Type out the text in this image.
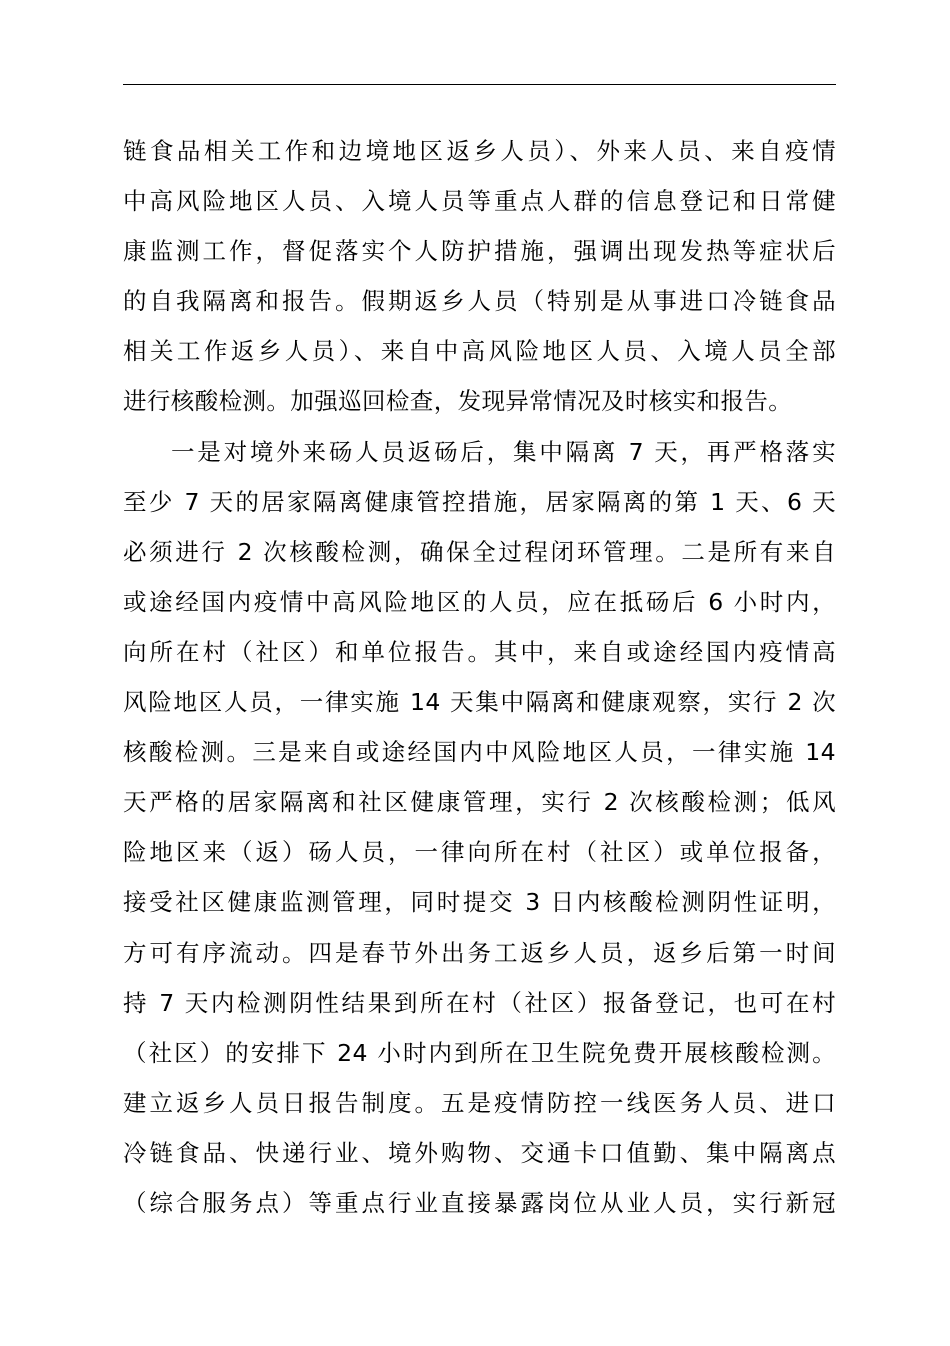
链食品相关工作和边境地区返乡人员）、外来人员、来自疫情
中高风险地区人员、入境人员等重点人群的信息登记和日常健
康监测工作，督促落实个人防护措施，强调出现发热等症状后
的自我隔离和报告。假期返乡人员（特别是从事进口冷链食品
相关工作返乡人员）、来自中高风险地区人员、入境人员全部
进行核酸检测。加强巡回检查，发现异常情况及时核实和报告。
一是对境外来砀人员返砀后，集中隔离 7 天，再严格落实
至少 7 天的居家隔离健康管控措施，居家隔离的第 1 天、6 天
必须进行 2 次核酸检测，确保全过程闭环管理。二是所有来自
或途经国内疫情中高风险地区的人员，应在抵砀后 6 小时内，
向所在村（社区）和单位报告。其中，来自或途经国内疫情高
风险地区人员，一律实施 14 天集中隔离和健康观察，实行 2 次
核酸检测。三是来自或途经国内中风险地区人员，一律实施 14
天严格的居家隔离和社区健康管理，实行 2 次核酸检测；低风
险地区来（返）砀人员，一律向所在村（社区）或单位报备，
接受社区健康监测管理，同时提交 3 日内核酸检测阴性证明，
方可有序流动。四是春节外出务工返乡人员，返乡后第一时间
持 7 天内检测阴性结果到所在村（社区）报备登记，也可在村
（社区）的安排下 24 小时内到所在卫生院免费开展核酸检测。
建立返乡人员日报告制度。五是疫情防控一线医务人员、进口
冷链食品、快递行业、境外购物、交通卡口值勤、集中隔离点
（综合服务点）等重点行业直接暴露岗位从业人员，实行新冠
